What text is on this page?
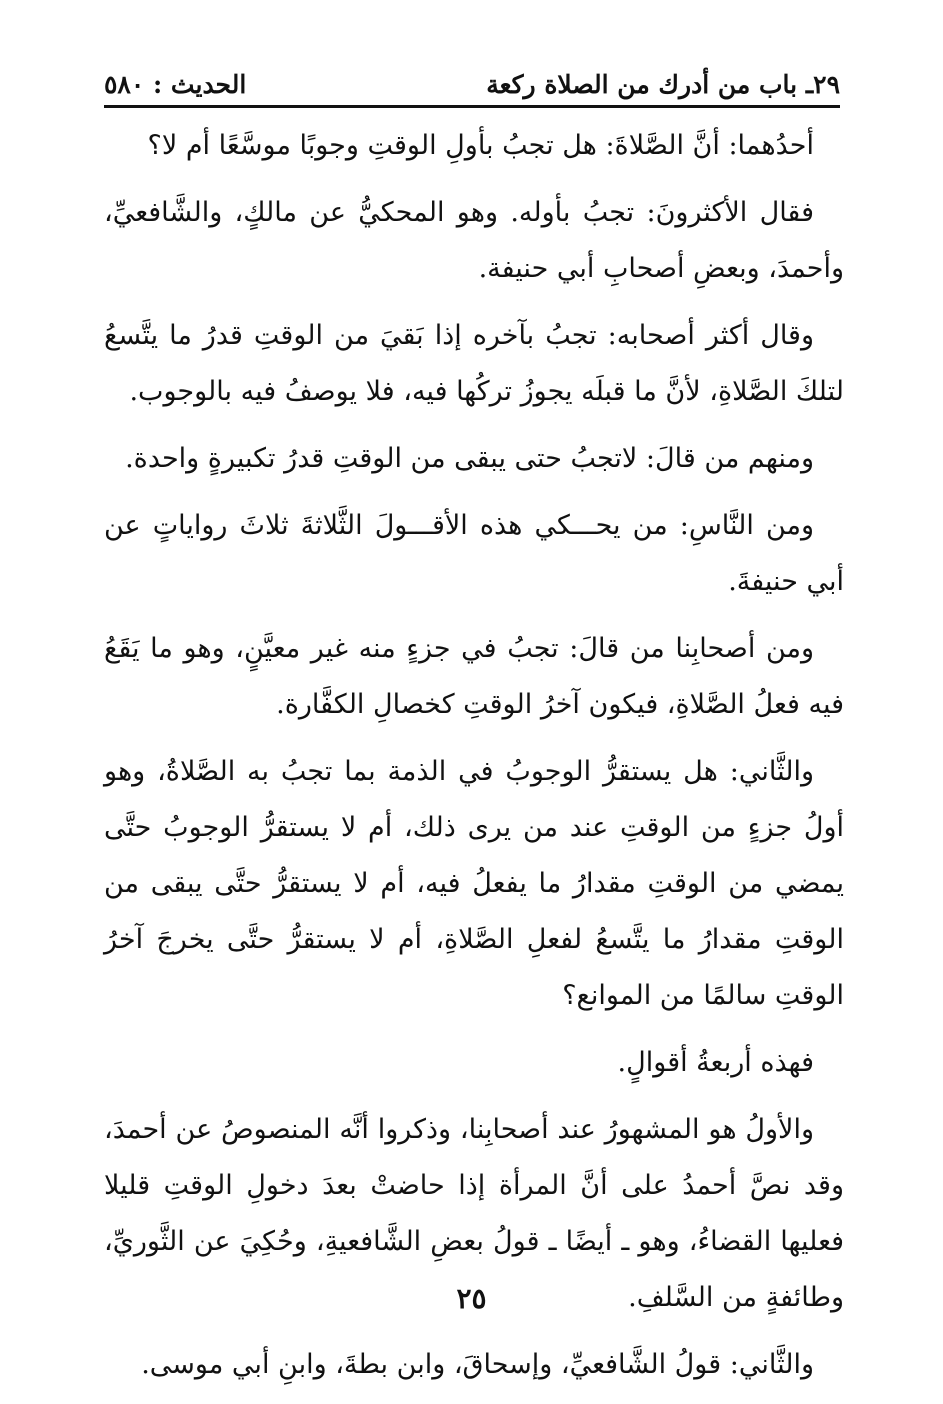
٢٩ـ باب من أدرك من الصلاة ركعة
الحديث : ٥٨٠

أحدُهما: أنَّ الصَّلاةَ: هل تجبُ بأولِ الوقتِ وجوبًا موسَّعًا أم لا؟

فقال الأكثرونَ: تجبُ بأوله. وهو المحكيُّ عن مالكٍ، والشَّافعيِّ، وأحمدَ، وبعضِ أصحابِ أبي حنيفة.

وقال أكثر أصحابه: تجبُ بآخره إذا بَقيَ من الوقتِ قدرُ ما يتَّسعُ لتلكَ الصَّلاةِ، لأنَّ ما قبلَه يجوزُ تركُها فيه، فلا يوصفُ فيه بالوجوب.

ومنهم من قالَ: لاتجبُ حتى يبقى من الوقتِ قدرُ تكبيرةٍ واحدة.

ومن النَّاسِ: من يحـــكي هذه الأقـــولَ الثَّلاثةَ ثلاثَ رواياتٍ عن أبي حنيفةَ.

ومن أصحابِنا من قالَ: تجبُ في جزءٍ منه غير معيَّنٍ، وهو ما يَقَعُ فيه فعلُ الصَّلاةِ، فيكون آخرُ الوقتِ كخصالِ الكفَّارة.

والثَّاني: هل يستقرُّ الوجوبُ في الذمة بما تجبُ به الصَّلاةُ، وهو أولُ جزءٍ من الوقتِ عند من يرى ذلك، أم لا يستقرُّ الوجوبُ حتَّى يمضي من الوقتِ مقدارُ ما يفعلُ فيه، أم لا يستقرُّ حتَّى يبقى من الوقتِ مقدارُ ما يتَّسعُ لفعلِ الصَّلاةِ، أم لا يستقرُّ حتَّى يخرجَ آخرُ الوقتِ سالمًا من الموانع؟

فهذه أربعةُ أقوالٍ.

والأولُ هو المشهورُ عند أصحابِنا، وذكروا أنَّه المنصوصُ عن أحمدَ، وقد نصَّ أحمدُ على أنَّ المرأة إذا حاضتْ بعدَ دخولِ الوقتِ قليلا فعليها القضاءُ، وهو ـ أيضًا ـ قولُ بعضِ الشَّافعيةِ، وحُكِيَ عن الثَّوريِّ، وطائفةٍ من السَّلفِ.

والثَّاني: قولُ الشَّافعيِّ، وإسحاقَ، وابن بطةَ، وابنِ أبي موسى.

٢٥
